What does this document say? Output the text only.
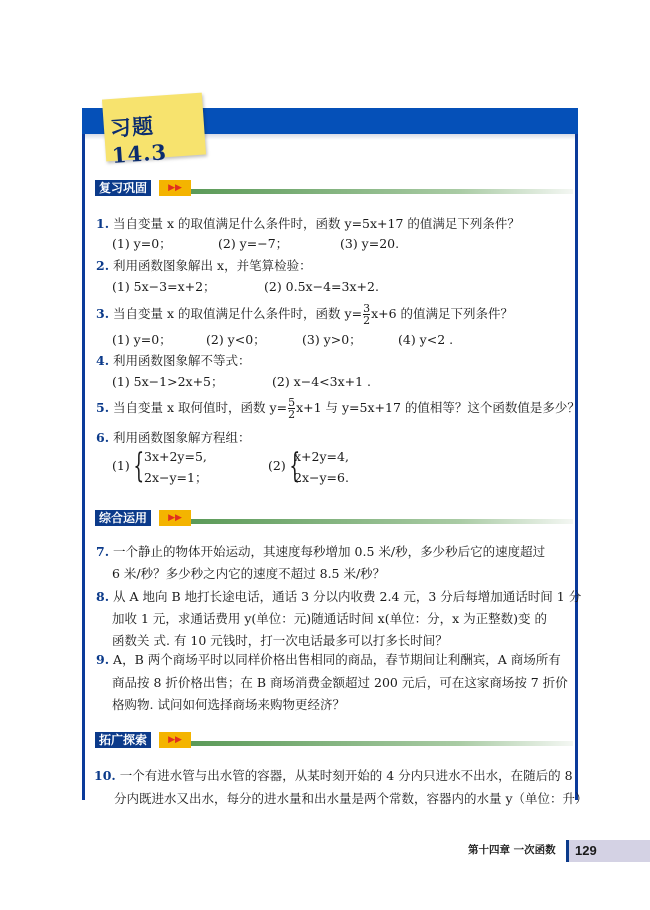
习题14.3
复习巩固	▶▶
1. 当自变量 x 的取值满足什么条件时，函数 y=5x+17 的值满足下列条件？
(1) y=0；	(2) y=−7；	(3) y=20.
2. 利用函数图象解出 x，并笔算检验：
(1) 5x−3=x+2；	(2) 0.5x−4=3x+2.
3. 当自变量 x 的取值满足什么条件时，函数 $y= \frac{3}{2} x+6$ 的值满足下列条件？
(1) y=0；	(2) y<0；	(3) y>0；	(4) y<2 .
4. 利用函数图象解不等式：
(1) 5x−1>2x+5；	(2) x−4<3x+1 .
5. 当自变量 x 取何值时，函数 $y= \frac{5}{2} x+1$ 与 y=5x+17 的值相等？这个函数值是多少？
6. 利用函数图象解方程组：
(1) { 3x+2y=5,
2x−y=1；
(2) {
x+2y=4,
2x−y=6.
综合运用	▶▶
7. 一个静止的物体开始运动，其速度每秒增加 0.5 米/秒，多少秒后它的速度超过
6 米/秒？多少秒之内它的速度不超过 8.5 米/秒？
8. 从 A 地向 B 地打长途电话，通话 3 分以内收费 2.4 元，3 分后每增加通话时间 1 分
加收 1 元，求通话费用 y(单位：元)随通话时间 x(单位：分，x 为正整数)变 的
函数关 式. 有 10 元钱时，打一次电话最多可以打多长时间？
9. A，B 两个商场平时以同样价格出售相同的商品，春节期间让利酬宾，A 商场所有
商品按 8 折价格出售；在 B 商场消费金额超过 200 元后，可在这家商场按 7 折价
格购物. 试问如何选择商场来购物更经济？
拓广探索	▶▶
10. 一个有进水管与出水管的容器，从某时刻开始的 4 分内只进水不出水，在随后的 8
分内既进水又出水，每分的进水量和出水量是两个常数，容器内的水量 y（单位：升）
第十四章 一次函数 129
